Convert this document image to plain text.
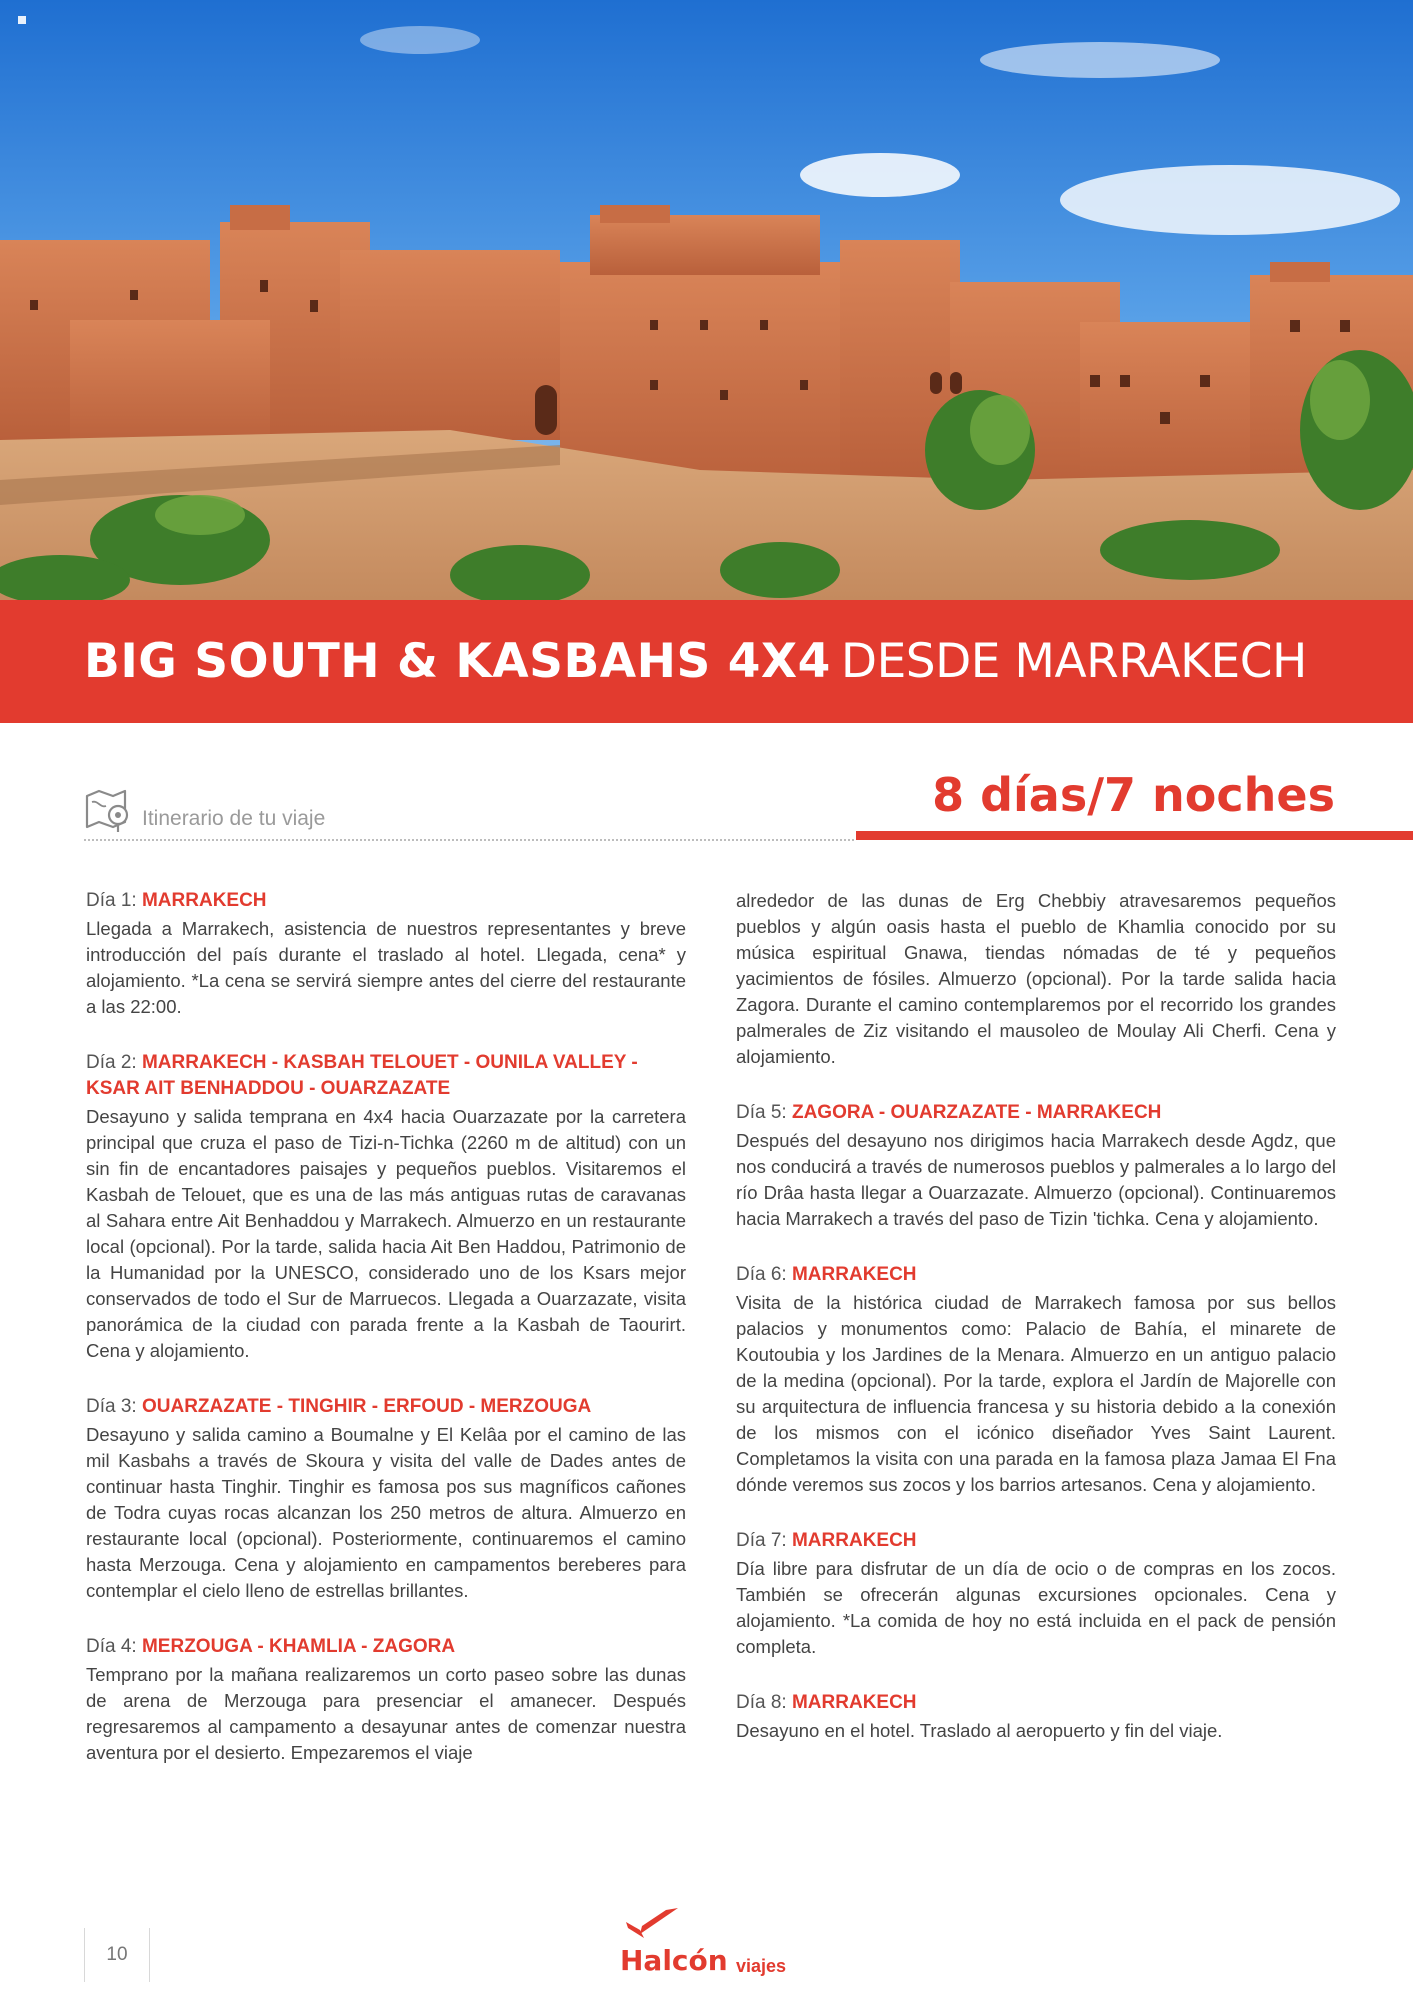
BIG SOUTH & KASBAHS 4X4 DESDE MARRAKECH
Itinerario de tu viaje	8 días/7 noches
Día 1: MARRAKECH
Llegada a Marrakech, asistencia de nuestros representantes y breve introducción del país durante el traslado al hotel. Llegada, cena* y alojamiento. *La cena se servirá siempre antes del cierre del restaurante a las 22:00.
Día 2: MARRAKECH - KASBAH TELOUET - OUNILA VALLEY - KSAR AIT BENHADDOU - OUARZAZATE
Desayuno y salida temprana en 4x4 hacia Ouarzazate por la carretera principal que cruza el paso de Tizi-n-Tichka (2260 m de altitud) con un sin fin de encantadores paisajes y pequeños pueblos. Visitaremos el Kasbah de Telouet, que es una de las más antiguas rutas de caravanas al Sahara entre Ait Benhaddou y Marrakech. Almuerzo en un restaurante local (opcional). Por la tarde, salida hacia Ait Ben Haddou, Patrimonio de la Humanidad por la UNESCO, considerado uno de los Ksars mejor conservados de todo el Sur de Marruecos. Llegada a Ouarzazate, visita panorámica de la ciudad con parada frente a la Kasbah de Taourirt. Cena y alojamiento.
Día 3: OUARZAZATE - TINGHIR - ERFOUD - MERZOUGA
Desayuno y salida camino a Boumalne y El Kelâa por el camino de las mil Kasbahs a través de Skoura y visita del valle de Dades antes de continuar hasta Tinghir. Tinghir es famosa pos sus magníficos cañones de Todra cuyas rocas alcanzan los 250 metros de altura. Almuerzo en restaurante local (opcional). Posteriormente, continuaremos el camino hasta Merzouga. Cena y alojamiento en campamentos bereberes para contemplar el cielo lleno de estrellas brillantes.
Día 4: MERZOUGA - KHAMLIA - ZAGORA
Temprano por la mañana realizaremos un corto paseo sobre las dunas de arena de Merzouga para presenciar el amanecer. Después regresaremos al campamento a desayunar antes de comenzar nuestra aventura por el desierto. Empezaremos el viaje
alrededor de las dunas de Erg Chebbiy atravesaremos pequeños pueblos y algún oasis hasta el pueblo de Khamlia conocido por su música espiritual Gnawa, tiendas nómadas de té y pequeños yacimientos de fósiles. Almuerzo (opcional). Por la tarde salida hacia Zagora. Durante el camino contemplaremos por el recorrido los grandes palmerales de Ziz visitando el mausoleo de Moulay Ali Cherfi. Cena y alojamiento.
Día 5: ZAGORA - OUARZAZATE - MARRAKECH
Después del desayuno nos dirigimos hacia Marrakech desde Agdz, que nos conducirá a través de numerosos pueblos y palmerales a lo largo del río Drâa hasta llegar a Ouarzazate. Almuerzo (opcional). Continuaremos hacia Marrakech a través del paso de Tizin 'tichka. Cena y alojamiento.
Día 6: MARRAKECH
Visita de la histórica ciudad de Marrakech famosa por sus bellos palacios y monumentos como: Palacio de Bahía, el minarete de Koutoubia y los Jardines de la Menara. Almuerzo en un antiguo palacio de la medina (opcional). Por la tarde, explora el Jardín de Majorelle con su arquitectura de influencia francesa y su historia debido a la conexión de los mismos con el icónico diseñador Yves Saint Laurent. Completamos la visita con una parada en la famosa plaza Jamaa El Fna dónde veremos sus zocos y los barrios artesanos. Cena y alojamiento.
Día 7: MARRAKECH
Día libre para disfrutar de un día de ocio o de compras en los zocos. También se ofrecerán algunas excursiones opcionales. Cena y alojamiento. *La comida de hoy no está incluida en el pack de pensión completa.
Día 8: MARRAKECH
Desayuno en el hotel. Traslado al aeropuerto y fin del viaje.
10	Halcón viajes
